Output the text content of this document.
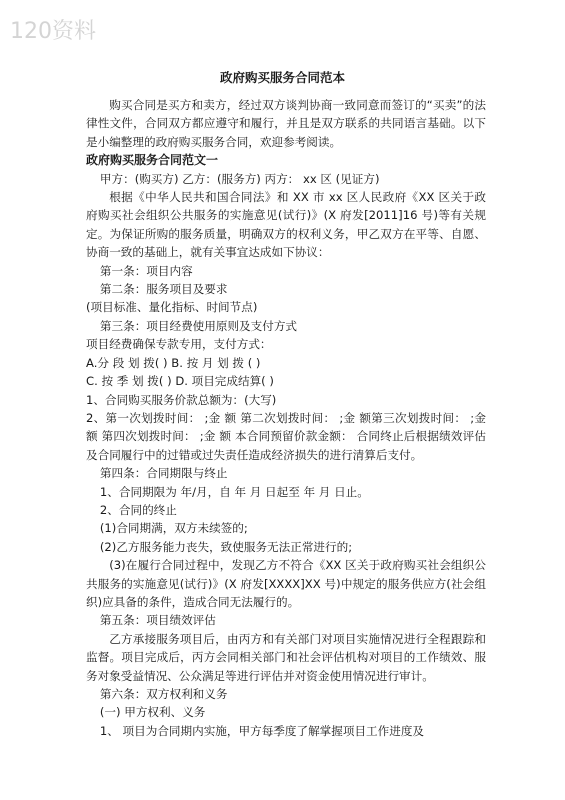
120资料
政府购买服务合同范本

购买合同是买方和卖方，经过双方谈判协商一致同意而签订的“买卖”的法律性文件，合同双方都应遵守和履行，并且是双方联系的共同语言基础。以下是小编整理的政府购买服务合同，欢迎参考阅读。

政府购买服务合同范文一

甲方：(购买方) 乙方：(服务方) 丙方： xx 区 (见证方)

根据《中华人民共和国合同法》和 XX 市 xx 区人民政府《XX 区关于政府购买社会组织公共服务的实施意见(试行)》(X 府发[2011]16 号)等有关规定。为保证所购的服务质量，明确双方的权利义务，甲乙双方在平等、自愿、协商一致的基础上，就有关事宜达成如下协议：

第一条：项目内容

第二条：服务项目及要求

(项目标准、量化指标、时间节点)

第三条：项目经费使用原则及支付方式

项目经费确保专款专用，支付方式：

A.分 段 划 拨( ) B. 按 月 划 拨 ( )

C. 按 季 划 拨( ) D. 项目完成结算( )

1、合同购买服务价款总额为：(大写)

2、第一次划拨时间： ;金 额 第二次划拨时间： ;金 额第三次划拨时间： ;金 额 第四次划拨时间： ;金 额 本合同预留价款金额： 合同终止后根据绩效评估及合同履行中的过错或过失责任造成经济损失的进行清算后支付。

第四条：合同期限与终止

1、合同期限为 年/月，自 年 月 日起至 年 月 日止。

2、合同的终止

(1)合同期满，双方未续签的;

(2)乙方服务能力丧失，致使服务无法正常进行的;

(3)在履行合同过程中，发现乙方不符合《XX 区关于政府购买社会组织公共服务的实施意见(试行)》(X 府发[XXXX]XX 号)中规定的服务供应方(社会组织)应具备的条件，造成合同无法履行的。

第五条：项目绩效评估

乙方承接服务项目后，由丙方和有关部门对项目实施情况进行全程跟踪和监督。项目完成后，丙方会同相关部门和社会评估机构对项目的工作绩效、服务对象受益情况、公众满足等进行评估并对资金使用情况进行审计。

第六条：双方权利和义务

(一) 甲方权利、义务

1、 项目为合同期内实施，甲方每季度了解掌握项目工作进度及
